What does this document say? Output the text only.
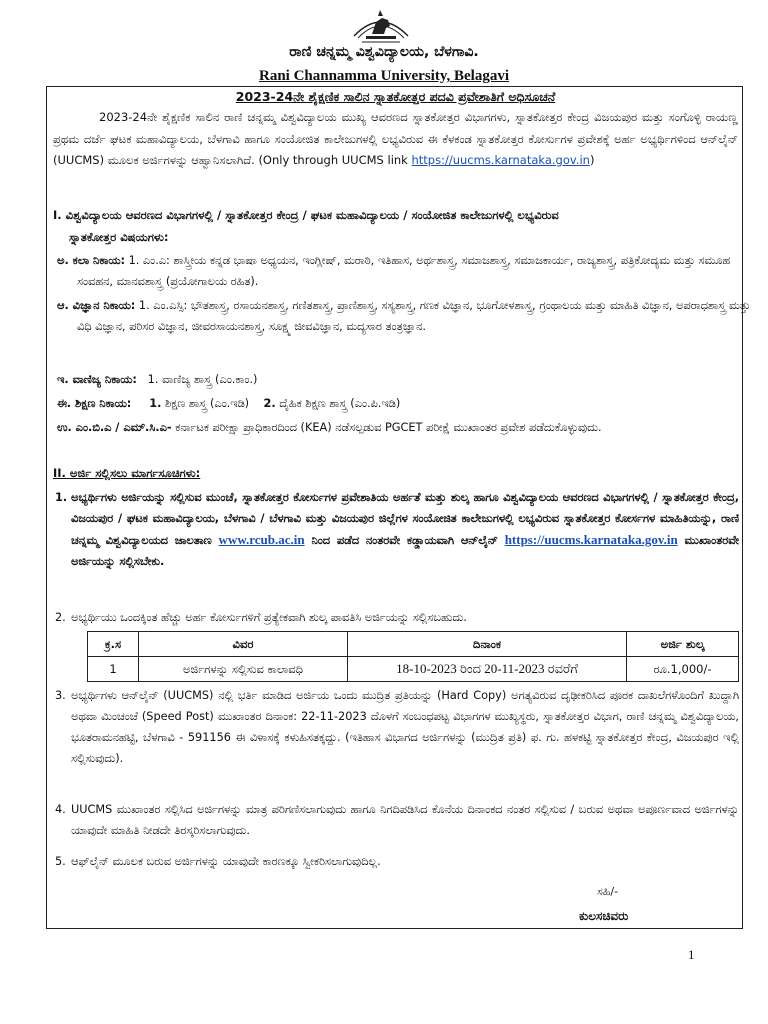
ರಾಣಿ ಚನ್ನಮ್ಮ ವಿಶ್ವವಿದ್ಯಾಲಯ, ಬೆಳಗಾವಿ.
Rani Channamma University, Belagavi
2023-24ನೇ ಶೈಕ್ಷಣಿಕ ಸಾಲಿನ ಸ್ನಾತಕೋತ್ತರ ಪದವಿ ಪ್ರವೇಶಾತಿಗೆ ಅಧಿಸೂಚನೆ
2023-24ನೇ ಶೈಕ್ಷಣಿಕ ಸಾಲಿನ ರಾಣಿ ಚನ್ನಮ್ಮ ವಿಶ್ವವಿದ್ಯಾಲಯ ಮುಖ್ಯ ಆವರಣದ ಸ್ನಾತಕೋತ್ತರ ವಿಭಾಗಗಳು, ಸ್ನಾತಕೋತ್ತರ ಕೇಂದ್ರ ವಿಜಯಪುರ ಮತ್ತು ಸಂಗೊಳ್ಳಿ ರಾಯಣ್ಣ ಪ್ರಥಮ ದರ್ಜೆ ಘಟಕ ಮಹಾವಿದ್ಯಾಲಯ, ಬೆಳಗಾವಿ ಹಾಗೂ ಸಂಯೋಜಿತ ಕಾಲೇಜುಗಳಲ್ಲಿ ಲಭ್ಯವಿರುವ ಈ ಕೆಳಕಂಡ ಸ್ನಾತಕೋತ್ತರ ಕೋರ್ಸುಗಳ ಪ್ರವೇಶಕ್ಕೆ ಅರ್ಹ ಅಭ್ಯರ್ಥಿಗಳಿಂದ ಆನ್‌ಲೈನ್ (UUCMS) ಮೂಲಕ ಅರ್ಜಿಗಳನ್ನು ಆಹ್ವಾನಿಸಲಾಗಿದೆ. (Only through UUCMS link https://uucms.karnataka.gov.in)
I. ವಿಶ್ವವಿದ್ಯಾಲಯ ಆವರಣದ ವಿಭಾಗಗಳಲ್ಲಿ / ಸ್ನಾತಕೋತ್ತರ ಕೇಂದ್ರ / ಘಟಕ ಮಹಾವಿದ್ಯಾಲಯ / ಸಂಯೋಜಿತ ಕಾಲೇಜುಗಳಲ್ಲಿ ಲಭ್ಯವಿರುವ
ಸ್ನಾತಕೋತ್ತರ ವಿಷಯಗಳು:
ಅ. ಕಲಾ ನಿಕಾಯ: 1. ಎಂ.ಎ: ಶಾಸ್ತ್ರೀಯ ಕನ್ನಡ ಭಾಷಾ ಅಧ್ಯಯನ, ಇಂಗ್ಲೀಷ್, ಮರಾಠಿ, ಇತಿಹಾಸ, ಅರ್ಥಶಾಸ್ತ್ರ, ಸಮಾಜಶಾಸ್ತ್ರ, ಸಮಾಜಕಾರ್ಯ, ರಾಜ್ಯಶಾಸ್ತ್ರ, ಪತ್ರಿಕೋದ್ಯಮ ಮತ್ತು ಸಮೂಹ ಸಂವಹನ, ಮಾನವಶಾಸ್ತ್ರ (ಪ್ರಯೋಗಾಲಯ ರಹಿತ).
ಆ. ವಿಜ್ಞಾನ ನಿಕಾಯ: 1. ಎಂ.ಎಸ್ಸಿ: ಭೌತಶಾಸ್ತ್ರ, ರಸಾಯನಶಾಸ್ತ್ರ, ಗಣಿತಶಾಸ್ತ್ರ, ಪ್ರಾಣಿಶಾಸ್ತ್ರ, ಸಸ್ಯಶಾಸ್ತ್ರ, ಗಣಕ ವಿಜ್ಞಾನ, ಭೂಗೋಳಶಾಸ್ತ್ರ, ಗ್ರಂಥಾಲಯ ಮತ್ತು ಮಾಹಿತಿ ವಿಜ್ಞಾನ, ಅಪರಾಧಶಾಸ್ತ್ರ ಮತ್ತು ವಿಧಿ ವಿಜ್ಞಾನ, ಪರಿಸರ ವಿಜ್ಞಾನ, ಜೀವರಸಾಯನಶಾಸ್ತ್ರ, ಸೂಕ್ಷ್ಮ ಜೀವವಿಜ್ಞಾನ, ಮದ್ಯಸಾರ ತಂತ್ರಜ್ಞಾನ.
ಇ. ವಾಣಿಜ್ಯ ನಿಕಾಯ: 1. ವಾಣಿಜ್ಯ ಶಾಸ್ತ್ರ (ಎಂ.ಕಾಂ.)
ಈ. ಶಿಕ್ಷಣ ನಿಕಾಯ: 1. ಶಿಕ್ಷಣ ಶಾಸ್ತ್ರ (ಎಂ.ಇಡಿ) 2. ದೈಹಿಕ ಶಿಕ್ಷಣ ಶಾಸ್ತ್ರ (ಎಂ.ಪಿ.ಇಡಿ)
ಉ. ಎಂ.ಬಿ.ಎ / ಎಮ್.ಸಿ.ಎ- ಕರ್ನಾಟಕ ಪರೀಕ್ಷಾ ಪ್ರಾಧಿಕಾರದಿಂದ (KEA) ನಡೆಸಲ್ಪಡುವ PGCET ಪರೀಕ್ಷೆ ಮುಖಾಂತರ ಪ್ರವೇಶ ಪಡೆದುಕೊಳ್ಳುವುದು.
II. ಅರ್ಜಿ ಸಲ್ಲಿಸಲು ಮಾರ್ಗಸೂಚಿಗಳು:
1. ಅಭ್ಯರ್ಥಿಗಳು ಅರ್ಜಿಯನ್ನು ಸಲ್ಲಿಸುವ ಮುಂಚೆ, ಸ್ನಾತಕೋತ್ತರ ಕೋರ್ಸುಗಳ ಪ್ರವೇಶಾತಿಯ ಅರ್ಹತೆ ಮತ್ತು ಶುಲ್ಕ ಹಾಗೂ ವಿಶ್ವವಿದ್ಯಾಲಯ ಆವರಣದ ವಿಭಾಗಗಳಲ್ಲಿ / ಸ್ನಾತಕೋತ್ತರ ಕೇಂದ್ರ, ವಿಜಯಪುರ / ಘಟಕ ಮಹಾವಿದ್ಯಾಲಯ, ಬೆಳಗಾವಿ / ಬೆಳಗಾವಿ ಮತ್ತು ವಿಜಯಪುರ ಜಿಲ್ಲೆಗಳ ಸಂಯೋಜಿತ ಕಾಲೇಜುಗಳಲ್ಲಿ ಲಭ್ಯವಿರುವ ಸ್ನಾತಕೋತ್ತರ ಕೋರ್ಸಗಳ ಮಾಹಿತಿಯನ್ನು, ರಾಣಿ ಚನ್ನಮ್ಮ ವಿಶ್ವವಿದ್ಯಾಲಯದ ಜಾಲತಾಣ www.rcub.ac.in ನಿಂದ ಪಡೆದ ನಂತರವೇ ಕಡ್ಡಾಯವಾಗಿ ಆನ್‌ಲೈನ್ https://uucms.karnataka.gov.in ಮುಖಾಂತರವೇ ಅರ್ಜಿಯನ್ನು ಸಲ್ಲಿಸಬೇಕು.
2. ಅಭ್ಯರ್ಥಿಯು ಒಂದಕ್ಕಿಂತ ಹೆಚ್ಚು ಅರ್ಹ ಕೋರ್ಸುಗಳಿಗೆ ಪ್ರತ್ಯೇಕವಾಗಿ ಶುಲ್ಕ ಪಾವತಿಸಿ ಅರ್ಜಿಯನ್ನು ಸಲ್ಲಿಸಬಹುದು.
ಕ್ರ.ಸ	ವಿವರ	ದಿನಾಂಕ	ಅರ್ಜಿ ಶುಲ್ಕ
1	ಅರ್ಜಿಗಳನ್ನು ಸಲ್ಲಿಸುವ ಕಾಲಾವಧಿ	18-10-2023 ರಿಂದ 20-11-2023 ರವರೆಗೆ	ರೂ.1,000/-
3. ಅಭ್ಯರ್ಥಿಗಳು ಆನ್‌ಲೈನ್ (UUCMS) ನಲ್ಲಿ ಭರ್ತಿ ಮಾಡಿದ ಅರ್ಜಿಯ ಒಂದು ಮುದ್ರಿತ ಪ್ರತಿಯನ್ನು (Hard Copy) ಅಗತ್ಯವಿರುವ ದೃಢೀಕರಿಸಿದ ಪೂರಕ ದಾಖಲೆಗಳೊಂದಿಗೆ ಖುದ್ದಾಗಿ ಅಥವಾ ಮಿಂಚಂಚೆ (Speed Post) ಮುಖಾಂತರ ದಿನಾಂಕ: 22-11-2023 ದೊಳಗೆ ಸಂಬಂಧಪಟ್ಟ ವಿಭಾಗಗಳ ಮುಖ್ಯಸ್ಥರು, ಸ್ನಾತಕೋತ್ತರ ವಿಭಾಗ, ರಾಣಿ ಚನ್ನಮ್ಮ ವಿಶ್ವವಿದ್ಯಾಲಯ, ಭೂತರಾಮನಹಟ್ಟಿ, ಬೆಳಗಾವಿ - 591156 ಈ ವಿಳಾಸಕ್ಕೆ ಕಳುಹಿಸತಕ್ಕದ್ದು. (ಇತಿಹಾಸ ವಿಭಾಗದ ಅರ್ಜಿಗಳನ್ನು (ಮುದ್ರಿತ ಪ್ರತಿ) ಫ. ಗು. ಹಳಕಟ್ಟಿ ಸ್ನಾತಕೋತ್ತರ ಕೇಂದ್ರ, ವಿಜಯಪುರ ಇಲ್ಲಿ ಸಲ್ಲಿಸುವುದು).
4. UUCMS ಮುಖಾಂತರ ಸಲ್ಲಿಸಿದ ಅರ್ಜಿಗಳನ್ನು ಮಾತ್ರ ಪರಿಗಣಿಸಲಾಗುವುದು ಹಾಗೂ ನಿಗದಿಪಡಿಸಿದ ಕೊನೆಯ ದಿನಾಂಕದ ನಂತರ ಸಲ್ಲಿಸುವ / ಬರುವ ಅಥವಾ ಅಪೂರ್ಣವಾದ ಅರ್ಜಿಗಳನ್ನು ಯಾವುದೇ ಮಾಹಿತಿ ನೀಡದೇ ತಿರಸ್ಕರಿಸಲಾಗುವುದು.
5. ಆಫ್‌ಲೈನ್ ಮೂಲಕ ಬರುವ ಅರ್ಜಿಗಳನ್ನು ಯಾವುದೇ ಕಾರಣಕ್ಕೂ ಸ್ವೀಕರಿಸಲಾಗುವುದಿಲ್ಲ.
ಸಹಿ/-
ಕುಲಸಚಿವರು
1
